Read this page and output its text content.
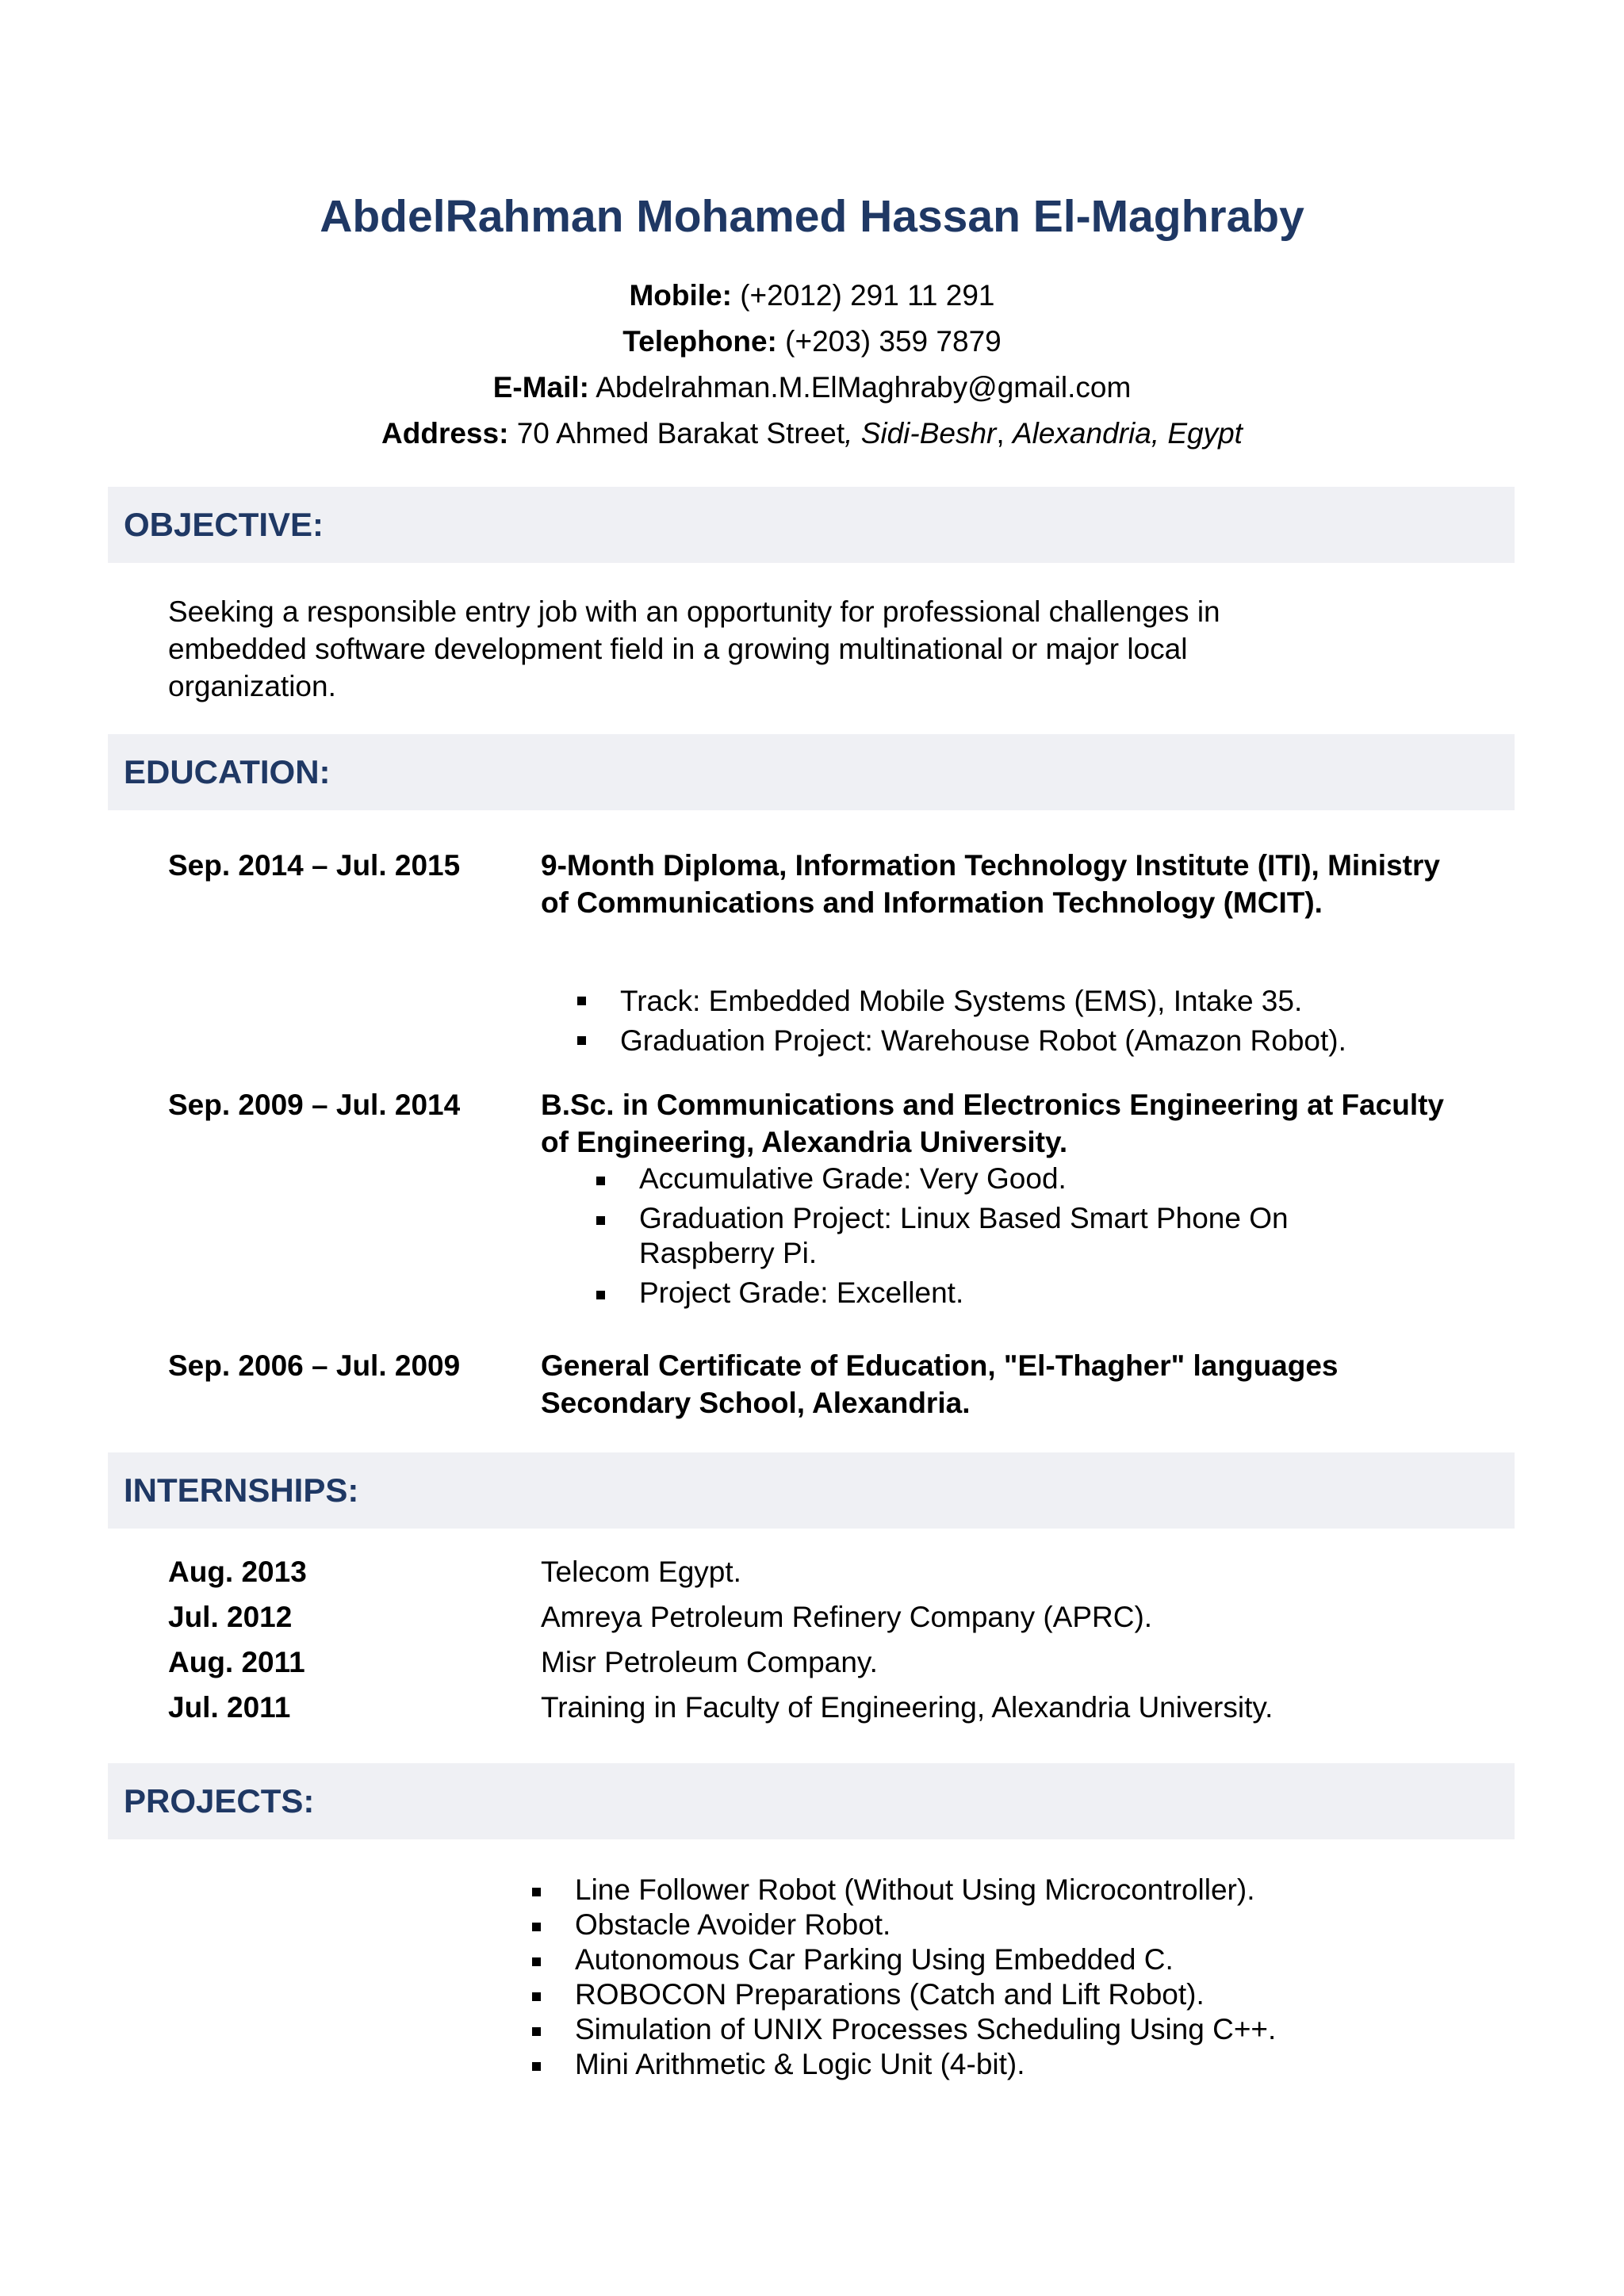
AbdelRahman Mohamed Hassan El-Maghraby
Mobile: (+2012) 291 11 291
Telephone: (+203) 359 7879
E-Mail: Abdelrahman.M.ElMaghraby@gmail.com
Address: 70 Ahmed Barakat Street, Sidi-Beshr, Alexandria, Egypt
OBJECTIVE:
Seeking a responsible entry job with an opportunity for professional challenges in embedded software development field in a growing multinational or major local organization.
EDUCATION:
Sep. 2014 – Jul. 2015	9-Month Diploma, Information Technology Institute (ITI), Ministry of Communications and Information Technology (MCIT).
Track: Embedded Mobile Systems (EMS), Intake 35.
Graduation Project: Warehouse Robot (Amazon Robot).
Sep. 2009 – Jul. 2014	B.Sc. in Communications and Electronics Engineering at Faculty of Engineering, Alexandria University.
Accumulative Grade: Very Good.
Graduation Project: Linux Based Smart Phone On Raspberry Pi.
Project Grade: Excellent.
Sep. 2006 – Jul. 2009	General Certificate of Education, "El-Thagher" languages Secondary School, Alexandria.
INTERNSHIPS:
Aug. 2013	Telecom Egypt.
Jul. 2012	Amreya Petroleum Refinery Company (APRC).
Aug. 2011	Misr Petroleum Company.
Jul. 2011	Training in Faculty of Engineering, Alexandria University.
PROJECTS:
Line Follower Robot (Without Using Microcontroller).
Obstacle Avoider Robot.
Autonomous Car Parking Using Embedded C.
ROBOCON Preparations (Catch and Lift Robot).
Simulation of UNIX Processes Scheduling Using C++.
Mini Arithmetic & Logic Unit (4-bit).
